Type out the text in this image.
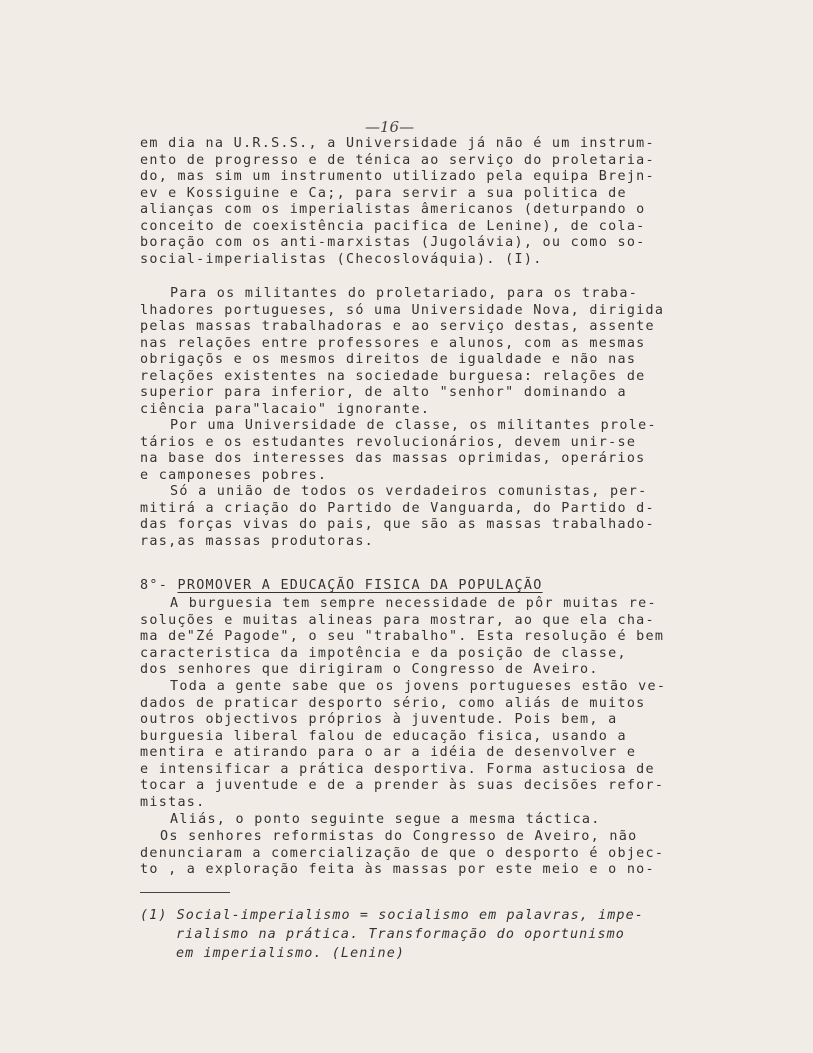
—16—
em dia na U.R.S.S., a Universidade já não é um instrum-
ento de progresso e de ténica ao serviço do proletaria-
do, mas sim um instrumento utilizado pela equipa Brejn-
ev e Kossiguine e Ca;, para servir a sua politica de
alianças com os imperialistas âmericanos (deturpando o
conceito de coexistência pacifica de Lenine), de cola-
boração com os anti-marxistas (Jugolávia), ou como so-
social-imperialistas (Checoslováquia). (I).
Para os militantes do proletariado, para os traba-
lhadores portugueses, só uma Universidade Nova, dirigida
pelas massas trabalhadoras e ao serviço destas, assente
nas relações entre professores e alunos, com as mesmas
obrigaçõs e os mesmos direitos de igualdade e não nas
relações existentes na sociedade burguesa: relações de
superior para inferior, de alto "senhor" dominando a
ciência para"lacaio" ignorante.
Por uma Universidade de classe, os militantes prole-
tários e os estudantes revolucionários, devem unir-se
na base dos interesses das massas oprimidas, operários
e camponeses pobres.
Só a união de todos os verdadeiros comunistas, per-
mitirá a criação do Partido de Vanguarda, do Partido d-
das forças vivas do pais, que são as massas trabalhado-
ras,as massas produtoras.
8°- PROMOVER A EDUCAÇÃO FISICA DA POPULAÇÃO
A burguesia tem sempre necessidade de pôr muitas re-
soluções e muitas alineas para mostrar, ao que ela cha-
ma de"Zé Pagode", o seu "trabalho". Esta resolução é bem
caracteristica da impotência e da posição de classe,
dos senhores que dirigiram o Congresso de Aveiro.
Toda a gente sabe que os jovens portugueses estão ve-
dados de praticar desporto sério, como aliás de muitos
outros objectivos próprios à juventude. Pois bem, a
burguesia liberal falou de educação fisica, usando a
mentira e atirando para o ar a idéia de desenvolver e
e intensificar a prática desportiva. Forma astuciosa de
tocar a juventude e de a prender às suas decisões refor-
mistas.
Aliás, o ponto seguinte segue a mesma táctica.
Os senhores reformistas do Congresso de Aveiro, não
denunciaram a comercialização de que o desporto é objec-
to , a exploração feita às massas por este meio e o no-
(1) Social-imperialismo = socialismo em palavras, impe-
rialismo na prática. Transformação do oportunismo
em imperialismo. (Lenine)
